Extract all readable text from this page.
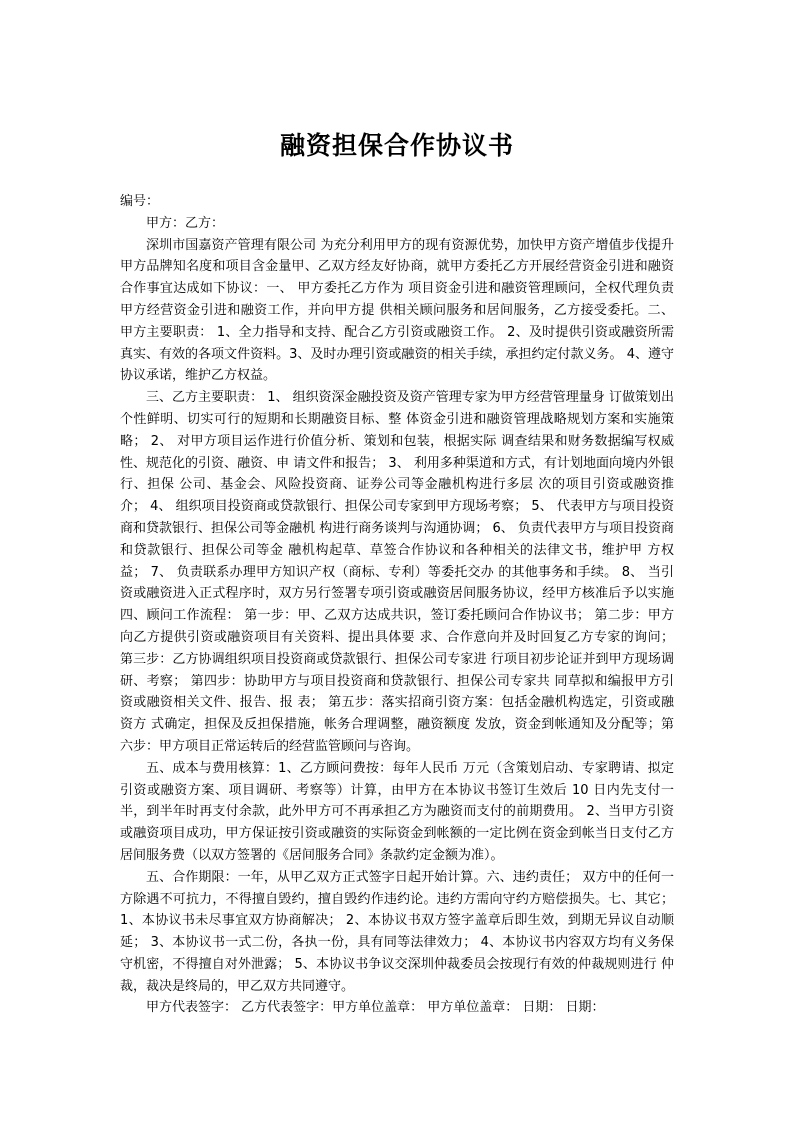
融资担保合作协议书

编号：

甲方：乙方：

深圳市国嘉资产管理有限公司 为充分利用甲方的现有资源优势，加快甲方资产增值步伐提升甲方品牌知名度和项目含金量甲、乙双方经友好协商，就甲方委托乙方开展经营资金引进和融资合作事宜达成如下协议：一、 甲方委托乙方作为 项目资金引进和融资管理顾问，全权代理负责甲方经营资金引进和融资工作，并向甲方提 供相关顾问服务和居间服务，乙方接受委托。二、 甲方主要职责： 1、全力指导和支持、配合乙方引资或融资工作。 2、及时提供引资或融资所需真实、有效的各项文件资料。3、及时办理引资或融资的相关手续，承担约定付款义务。 4、遵守协议承诺，维护乙方权益。

三、乙方主要职责： 1、 组织资深金融投资及资产管理专家为甲方经营管理量身 订做策划出个性鲜明、切实可行的短期和长期融资目标、整 体资金引进和融资管理战略规划方案和实施策略； 2、 对甲方项目运作进行价值分析、策划和包装，根据实际 调查结果和财务数据编写权威性、规范化的引资、融资、申 请文件和报告； 3、 利用多种渠道和方式，有计划地面向境内外银行、担保 公司、基金会、风险投资商、证券公司等金融机构进行多层 次的项目引资或融资推介； 4、 组织项目投资商或贷款银行、担保公司专家到甲方现场考察； 5、 代表甲方与项目投资商和贷款银行、担保公司等金融机 构进行商务谈判与沟通协调； 6、 负责代表甲方与项目投资商和贷款银行、担保公司等金 融机构起草、草签合作协议和各种相关的法律文书，维护甲 方权益； 7、 负责联系办理甲方知识产权（商标、专利）等委托交办 的其他事务和手续。 8、 当引资或融资进入正式程序时，双方另行签署专项引资或融资居间服务协议，经甲方核准后予以实施四、顾问工作流程： 第一步：甲、乙双方达成共识，签订委托顾问合作协议书； 第二步：甲方向乙方提供引资或融资项目有关资料、提出具体要 求、合作意向并及时回复乙方专家的询问； 第三步：乙方协调组织项目投资商或贷款银行、担保公司专家进 行项目初步论证并到甲方现场调研、考察； 第四步：协助甲方与项目投资商和贷款银行、担保公司专家共 同草拟和编报甲方引资或融资相关文件、报告、报 表； 第五步：落实招商引资方案：包括金融机构选定，引资或融资方 式确定，担保及反担保措施，帐务合理调整，融资额度 发放，资金到帐通知及分配等；第六步：甲方项目正常运转后的经营监管顾问与咨询。

五、成本与费用核算：1、乙方顾问费按：每年人民币 万元（含策划启动、专家聘请、拟定引资或融资方案、项目调研、考察等）计算，由甲方在本协议书签订生效后 10 日内先支付一半，到半年时再支付余款，此外甲方可不再承担乙方为融资而支付的前期费用。 2、当甲方引资或融资项目成功，甲方保证按引资或融资的实际资金到帐额的一定比例在资金到帐当日支付乙方居间服务费（以双方签署的《居间服务合同》条款约定金额为准）。

五、合作期限：一年，从甲乙双方正式签字日起开始计算。六、违约责任； 双方中的任何一方除遇不可抗力，不得擅自毁约，擅自毁约作违约论。违约方需向守约方赔偿损失。七、其它； 1、本协议书未尽事宜双方协商解决； 2、本协议书双方签字盖章后即生效，到期无异议自动顺延； 3、本协议书一式二份，各执一份，具有同等法律效力； 4、本协议书内容双方均有义务保守机密，不得擅自对外泄露； 5、本协议书争议交深圳仲裁委员会按现行有效的仲裁规则进行 仲裁，裁决是终局的，甲乙双方共同遵守。

甲方代表签字： 乙方代表签字：甲方单位盖章： 甲方单位盖章： 日期： 日期：
